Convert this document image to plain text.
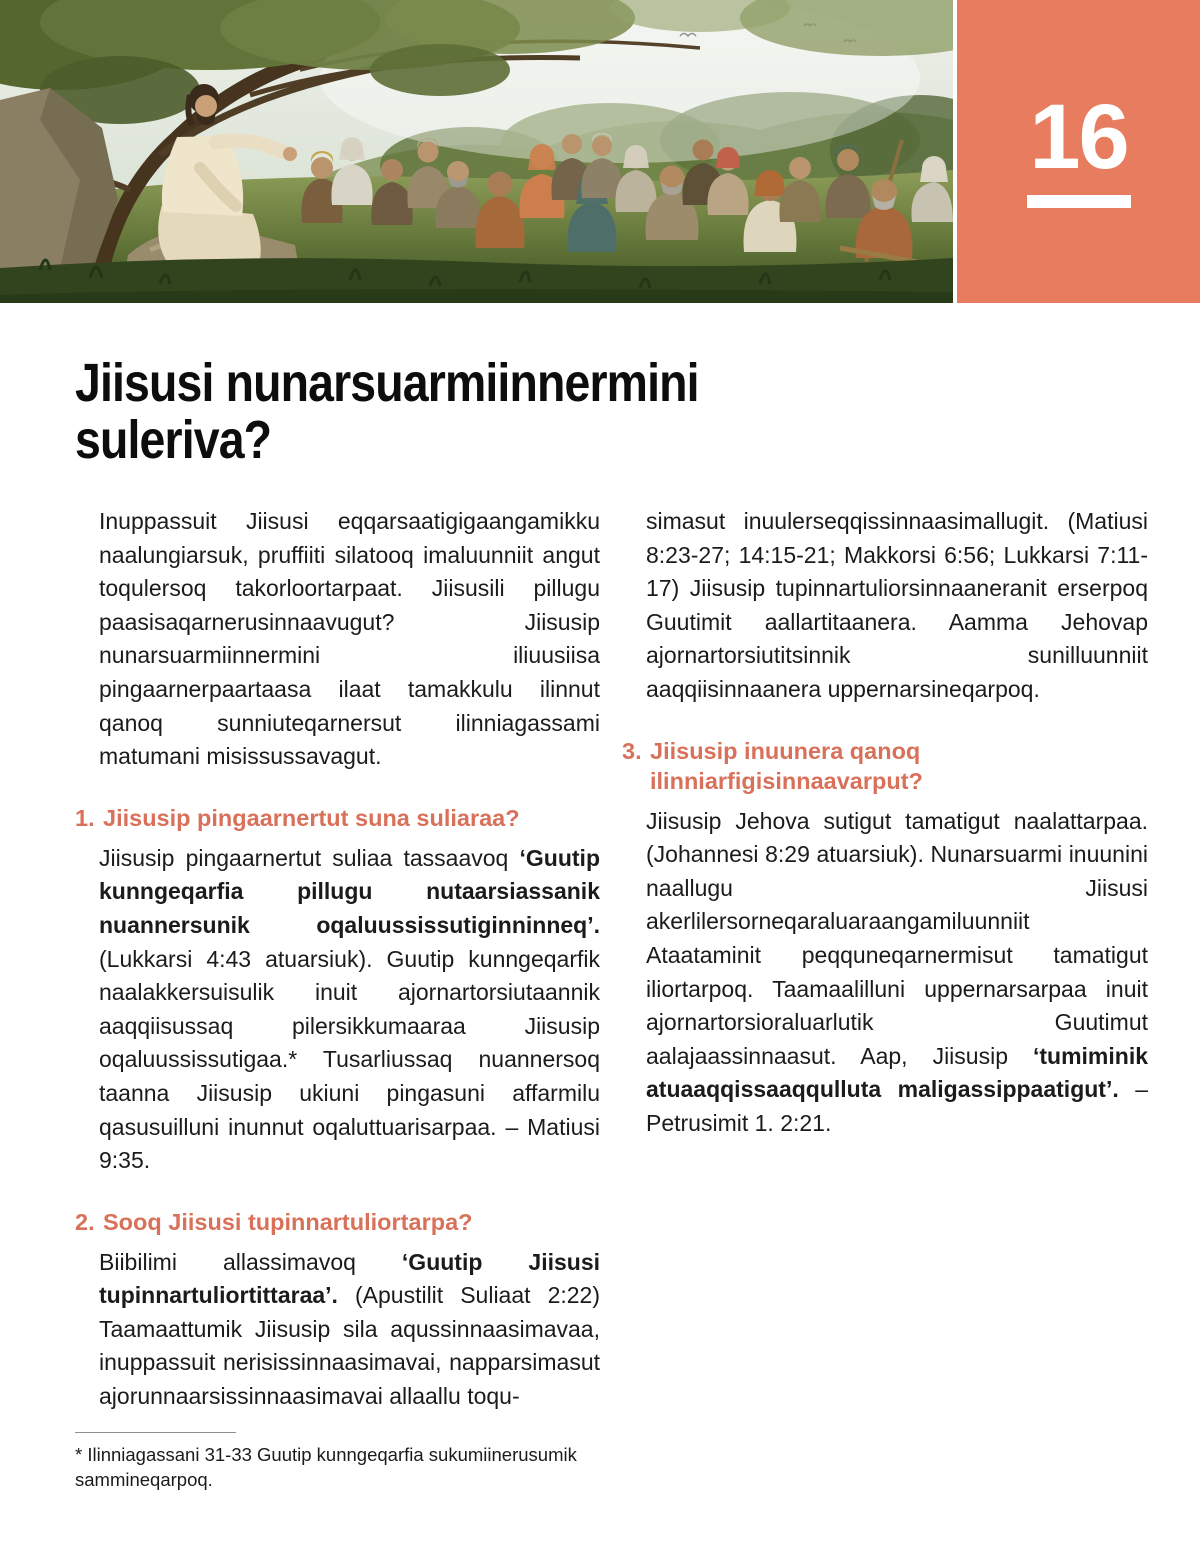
16
Jiisusi nunarsuarmiinnermini suleriva?

Inuppassuit Jiisusi eqqarsaatigigaangamikku naalungiarsuk, pruffiiti silatooq imaluunniit angut toqulersoq takorloortarpaat. Jiisusili pillugu paasisaqarnerusinnaavugut? Jiisusip nunarsuarmiinnermini iliuusiisa pingaarnerpaartaasa ilaat tamakkulu ilinnut qanoq sunniuteqarnersut ilinniagassami matumani misissussavagut.

1. Jiisusip pingaarnertut suna suliaraa?

Jiisusip pingaarnertut suliaa tassaavoq ‘Guutip kunngeqarfia pillugu nutaarsiassanik nuannersunik oqaluussissutiginninneq’. (Lukkarsi 4:43 atuarsiuk). Guutip kunngeqarfik naalakkersuisulik inuit ajornartorsiutaannik aaqqiisussaq pilersikkumaaraa Jiisusip oqaluussissutigaa.* Tusarliussaq nuannersoq taanna Jiisusip ukiuni pingasuni affarmilu qasusuilluni inunnut oqaluttuarisarpaa. – Matiusi 9:35.

2. Sooq Jiisusi tupinnartuliortarpa?

Biibilimi allassimavoq ‘Guutip Jiisusi tupinnartuliortittaraa’. (Apustilit Suliaat 2:22) Taamaattumik Jiisusip sila aqussinnaasimavaa, inuppassuit nerisissinnaasimavai, napparsimasut ajorunnaarsissinnaasimavai allaallu toqu-

* Ilinniagassani 31-33 Guutip kunngeqarfia sukumiinerusumik sammineqarpoq.

simasut inuulerseqqissinnaasimallugit. (Matiusi 8:23-27; 14:15-21; Makkorsi 6:56; Lukkarsi 7:11-17) Jiisusip tupinnartuliorsinnaaneranit erserpoq Guutimit aallartitaanera. Aamma Jehovap ajornartorsiutitsinnik sunilluunniit aaqqiisinnaanera uppernarsineqarpoq.

3. Jiisusip inuunera qanoq ilinniarfigisinnaavarput?

Jiisusip Jehova sutigut tamatigut naalattarpaa. (Johannesi 8:29 atuarsiuk). Nunarsuarmi inuunini naallugu Jiisusi akerlilersorneqaraluaraangamiluunniit Ataataminit peqquneqarnermisut tamatigut iliortarpoq. Taamaalilluni uppernarsarpaa inuit ajornartorsioraluarlutik Guutimut aalajaassinnaasut. Aap, Jiisusip ‘tumiminik atuaaqqissaaqqulluta maligassippaatigut’. – Petrusimit 1. 2:21.
